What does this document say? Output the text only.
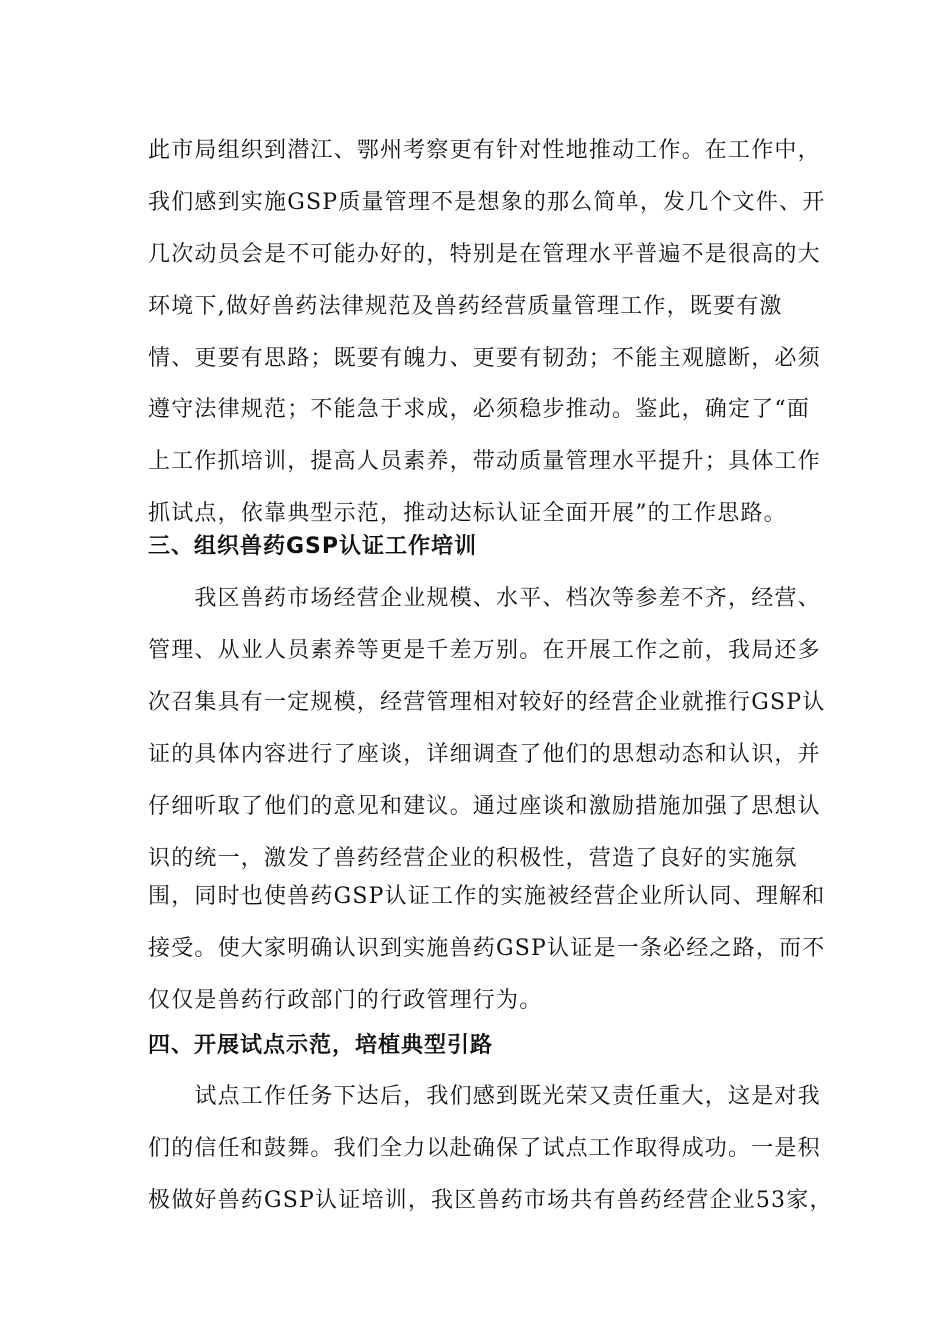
此市局组织到潜江、鄂州考察更有针对性地推动工作。在工作中，
我们感到实施GSP质量管理不是想象的那么简单，发几个文件、开
几次动员会是不可能办好的，特别是在管理水平普遍不是很高的大
环境下,做好兽药法律规范及兽药经营质量管理工作，既要有激
情、更要有思路；既要有魄力、更要有韧劲；不能主观臆断，必须
遵守法律规范；不能急于求成，必须稳步推动。鉴此，确定了“面
上工作抓培训，提高人员素养，带动质量管理水平提升；具体工作
抓试点，依靠典型示范，推动达标认证全面开展”的工作思路。
三、组织兽药GSP认证工作培训
　　我区兽药市场经营企业规模、水平、档次等参差不齐，经营、
管理、从业人员素养等更是千差万别。在开展工作之前，我局还多
次召集具有一定规模，经营管理相对较好的经营企业就推行GSP认
证的具体内容进行了座谈，详细调查了他们的思想动态和认识，并
仔细听取了他们的意见和建议。通过座谈和激励措施加强了思想认
识的统一，激发了兽药经营企业的积极性，营造了良好的实施氛
围，同时也使兽药GSP认证工作的实施被经营企业所认同、理解和
接受。使大家明确认识到实施兽药GSP认证是一条必经之路，而不
仅仅是兽药行政部门的行政管理行为。
四、开展试点示范，培植典型引路
　　试点工作任务下达后，我们感到既光荣又责任重大，这是对我
们的信任和鼓舞。我们全力以赴确保了试点工作取得成功。一是积
极做好兽药GSP认证培训，我区兽药市场共有兽药经营企业53家，
